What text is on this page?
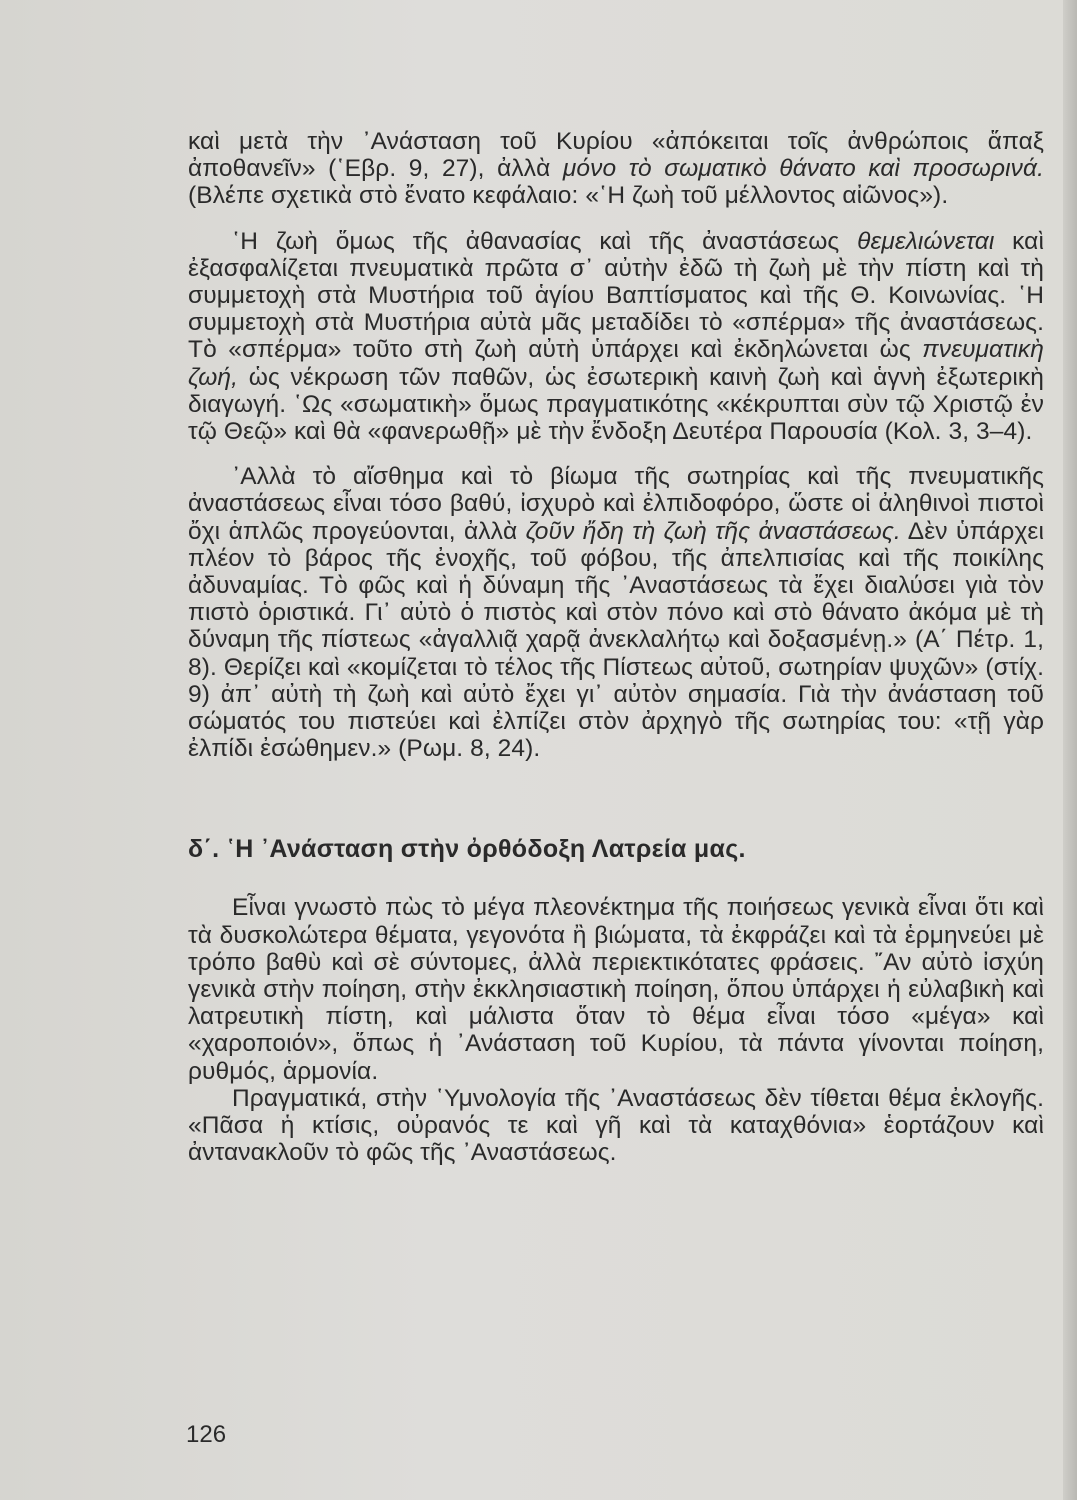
καὶ μετὰ τὴν ᾿Ανάσταση τοῦ Κυρίου «ἀπόκειται τοῖς ἀνθρώποις ἅπαξ ἀποθανεῖν» (῾Εβρ. 9, 27), ἀλλὰ μόνο τὸ σωματικὸ θάνατο καὶ προσωρινά. (Βλέπε σχετικὰ στὸ ἔνατο κεφάλαιο: «῾Η ζωὴ τοῦ μέλλοντος αἰῶνος»).

῾Η ζωὴ ὅμως τῆς ἀθανασίας καὶ τῆς ἀναστάσεως θεμελιώνεται καὶ ἐξασφαλίζεται πνευματικὰ πρῶτα σ᾿ αὐτὴν ἐδῶ τὴ ζωὴ μὲ τὴν πίστη καὶ τὴ συμμετοχὴ στὰ Μυστήρια τοῦ ἁγίου Βαπτίσματος καὶ τῆς Θ. Κοινωνίας. ῾Η συμμετοχὴ στὰ Μυστήρια αὐτὰ μᾶς μεταδίδει τὸ «σπέρμα» τῆς ἀναστάσεως. Τὸ «σπέρμα» τοῦτο στὴ ζωὴ αὐτὴ ὑπάρχει καὶ ἐκδηλώνεται ὡς πνευματικὴ ζωή, ὡς νέκρωση τῶν παθῶν, ὡς ἐσωτερικὴ καινὴ ζωὴ καὶ ἁγνὴ ἐξωτερικὴ διαγωγή. ῾Ως «σωματικὴ» ὅμως πραγματικότης «κέκρυπται σὺν τῷ Χριστῷ ἐν τῷ Θεῷ» καὶ θὰ «φανερωθῇ» μὲ τὴν ἔνδοξη Δευτέρα Παρουσία (Κολ. 3, 3–4).

᾿Αλλὰ τὸ αἴσθημα καὶ τὸ βίωμα τῆς σωτηρίας καὶ τῆς πνευματικῆς ἀναστάσεως εἶναι τόσο βαθύ, ἰσχυρὸ καὶ ἐλπιδοφόρο, ὥστε οἱ ἀληθινοὶ πιστοὶ ὄχι ἁπλῶς προγεύονται, ἀλλὰ ζοῦν ἤδη τὴ ζωὴ τῆς ἀναστάσεως. Δὲν ὑπάρχει πλέον τὸ βάρος τῆς ἐνοχῆς, τοῦ φόβου, τῆς ἀπελπισίας καὶ τῆς ποικίλης ἀδυναμίας. Τὸ φῶς καὶ ἡ δύναμη τῆς ᾿Αναστάσεως τὰ ἔχει διαλύσει γιὰ τὸν πιστὸ ὁριστικά. Γι᾿ αὐτὸ ὁ πιστὸς καὶ στὸν πόνο καὶ στὸ θάνατο ἀκόμα μὲ τὴ δύναμη τῆς πίστεως «ἀγαλλιᾷ χαρᾷ ἀνεκλαλήτῳ καὶ δοξασμένῃ.» (Α΄ Πέτρ. 1, 8). Θερίζει καὶ «κομίζεται τὸ τέλος τῆς Πίστεως αὐτοῦ, σωτηρίαν ψυχῶν» (στίχ. 9) ἀπ᾿ αὐτὴ τὴ ζωὴ καὶ αὐτὸ ἔχει γι᾿ αὐτὸν σημασία. Γιὰ τὴν ἀνάσταση τοῦ σώματός του πιστεύει καὶ ἐλπίζει στὸν ἀρχηγὸ τῆς σωτηρίας του: «τῇ γὰρ ἐλπίδι ἐσώθημεν.» (Ρωμ. 8, 24).

δ΄. ῾Η ᾿Ανάσταση στὴν ὀρθόδοξη Λατρεία μας.

Εἶναι γνωστὸ πὼς τὸ μέγα πλεονέκτημα τῆς ποιήσεως γενικὰ εἶναι ὅτι καὶ τὰ δυσκολώτερα θέματα, γεγονότα ἢ βιώματα, τὰ ἐκφράζει καὶ τὰ ἑρμηνεύει μὲ τρόπο βαθὺ καὶ σὲ σύντομες, ἀλλὰ περιεκτικότατες φράσεις. ῎Αν αὐτὸ ἰσχύη γενικὰ στὴν ποίηση, στὴν ἐκκλησιαστικὴ ποίηση, ὅπου ὑπάρχει ἡ εὐλαβικὴ καὶ λατρευτικὴ πίστη, καὶ μάλιστα ὅταν τὸ θέμα εἶναι τόσο «μέγα» καὶ «χαροποιόν», ὅπως ἡ ᾿Ανάσταση τοῦ Κυρίου, τὰ πάντα γίνονται ποίηση, ρυθμός, ἁρμονία.

Πραγματικά, στὴν ῾Υμνολογία τῆς ᾿Αναστάσεως δὲν τίθεται θέμα ἐκλογῆς. «Πᾶσα ἡ κτίσις, οὐρανός τε καὶ γῆ καὶ τὰ καταχθόνια» ἑορτάζουν καὶ ἀντανακλοῦν τὸ φῶς τῆς ᾿Αναστάσεως.

126
